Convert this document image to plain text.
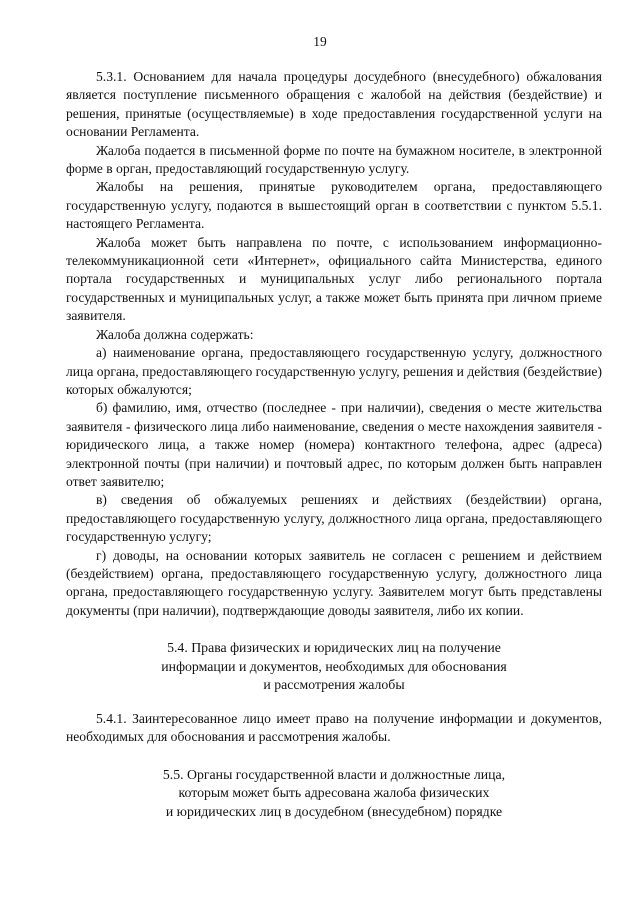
19

5.3.1. Основанием для начала процедуры досудебного (внесудебного) обжалования является поступление письменного обращения с жалобой на действия (бездействие) и решения, принятые (осуществляемые) в ходе предоставления государственной услуги на основании Регламента.

Жалоба подается в письменной форме по почте на бумажном носителе, в электронной форме в орган, предоставляющий государственную услугу.

Жалобы на решения, принятые руководителем органа, предоставляющего государственную услугу, подаются в вышестоящий орган в соответствии с пунктом 5.5.1. настоящего Регламента.

Жалоба может быть направлена по почте, с использованием информационно-телекоммуникационной сети «Интернет», официального сайта Министерства, единого портала государственных и муниципальных услуг либо регионального портала государственных и муниципальных услуг, а также может быть принята при личном приеме заявителя.

Жалоба должна содержать:

а) наименование органа, предоставляющего государственную услугу, должностного лица органа, предоставляющего государственную услугу, решения и действия (бездействие) которых обжалуются;

б) фамилию, имя, отчество (последнее - при наличии), сведения о месте жительства заявителя - физического лица либо наименование, сведения о месте нахождения заявителя - юридического лица, а также номер (номера) контактного телефона, адрес (адреса) электронной почты (при наличии) и почтовый адрес, по которым должен быть направлен ответ заявителю;

в) сведения об обжалуемых решениях и действиях (бездействии) органа, предоставляющего государственную услугу, должностного лица органа, предоставляющего государственную услугу;

г) доводы, на основании которых заявитель не согласен с решением и действием (бездействием) органа, предоставляющего государственную услугу, должностного лица органа, предоставляющего государственную услугу. Заявителем могут быть представлены документы (при наличии), подтверждающие доводы заявителя, либо их копии.

5.4. Права физических и юридических лиц на получение
информации и документов, необходимых для обоснования
и рассмотрения жалобы

5.4.1. Заинтересованное лицо имеет право на получение информации и документов, необходимых для обоснования и рассмотрения жалобы.

5.5. Органы государственной власти и должностные лица,
которым может быть адресована жалоба физических
и юридических лиц в досудебном (внесудебном) порядке
